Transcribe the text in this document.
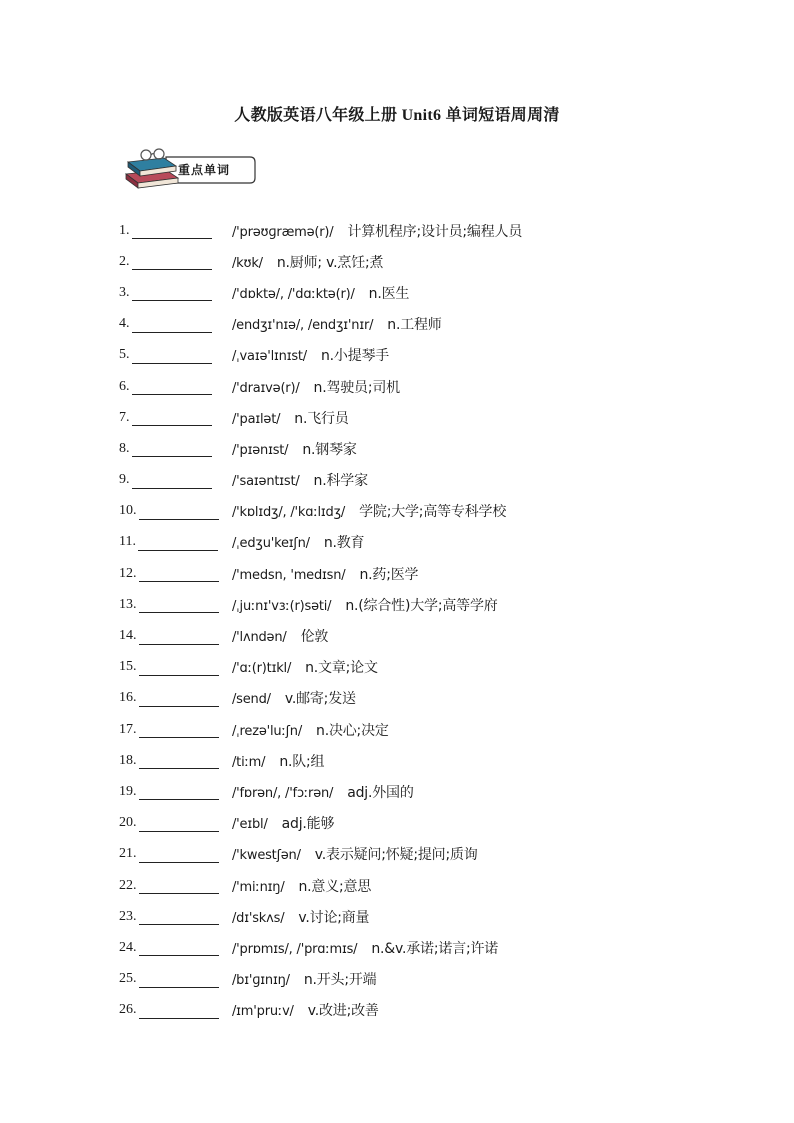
人教版英语八年级上册 Unit6 单词短语周周清
重点单词
1.	/'prəʊɡræmə(r)/ 计算机程序;设计员;编程人员
2.	/kʊk/ n.厨师; v.烹饪;煮
3.	/'dɒktə/, /'dɑːktə(r)/ n.医生
4.	/endʒɪ'nɪə/, /endʒɪ'nɪr/ n.工程师
5.	/ˌvaɪə'lɪnɪst/ n.小提琴手
6.	/'draɪvə(r)/ n.驾驶员;司机
7.	/'paɪlət/ n.飞行员
8.	/'pɪənɪst/ n.钢琴家
9.	/'saɪəntɪst/ n.科学家
10.	/'kɒlɪdʒ/, /'kɑːlɪdʒ/ 学院;大学;高等专科学校
11.	/ˌedʒu'keɪʃn/ n.教育
12.	/'medsn, 'medɪsn/ n.药;医学
13.	/ˌjuːnɪ'vɜː(r)səti/ n.(综合性)大学;高等学府
14.	/'lʌndən/ 伦敦
15.	/'ɑː(r)tɪkl/ n.文章;论文
16.	/send/ v.邮寄;发送
17.	/ˌrezə'luːʃn/ n.决心;决定
18.	/tiːm/ n.队;组
19.	/'fɒrən/, /'fɔːrən/ adj.外国的
20.	/'eɪbl/ adj.能够
21.	/'kwestʃən/ v.表示疑问;怀疑;提问;质询
22.	/'miːnɪŋ/ n.意义;意思
23.	/dɪ'skʌs/ v.讨论;商量
24.	/'prɒmɪs/, /'prɑːmɪs/ n.&v.承诺;诺言;许诺
25.	/bɪ'ɡɪnɪŋ/ n.开头;开端
26.	/ɪm'pruːv/ v.改进;改善
